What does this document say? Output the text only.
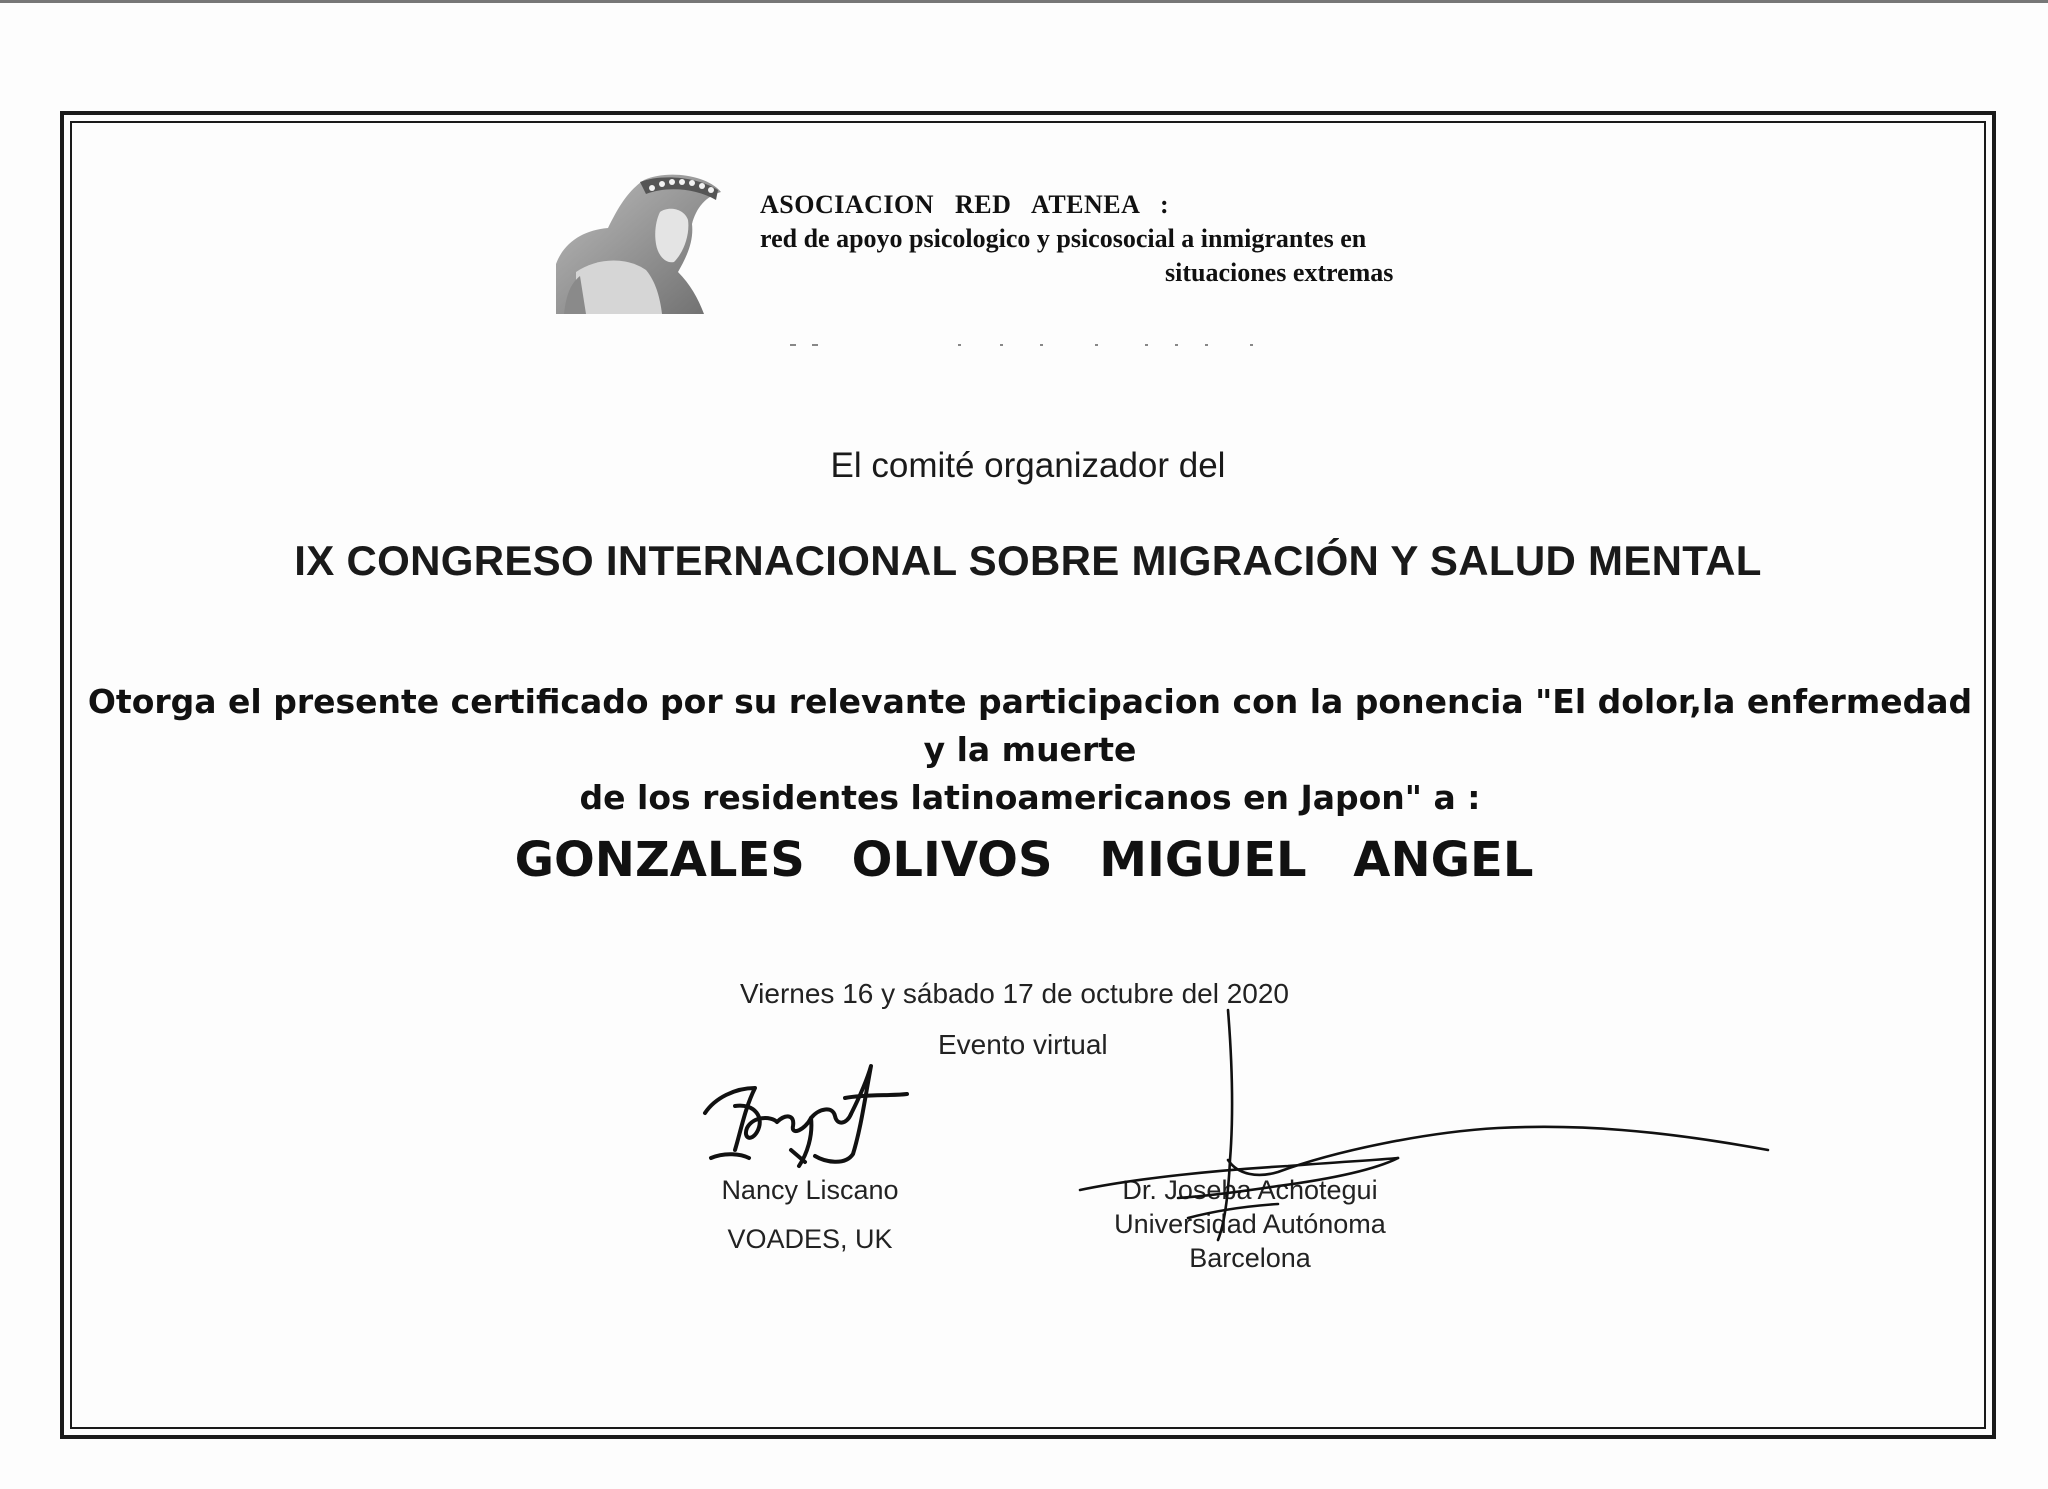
ASOCIACION RED ATENEA :
red de apoyo psicologico y psicosocial a inmigrantes en
situaciones extremas
El comité organizador del
IX CONGRESO INTERNACIONAL SOBRE MIGRACIÓN Y SALUD MENTAL
Otorga el presente certificado por su relevante participacion con la ponencia "El dolor,la enfermedad y la muerte
de los residentes latinoamericanos en Japon" a :
GONZALES OLIVOS MIGUEL ANGEL
Viernes 16 y sábado 17 de octubre del 2020
Evento virtual
Nancy Liscano
VOADES, UK
Dr. Joseba Achotegui
Universidad Autónoma
Barcelona
